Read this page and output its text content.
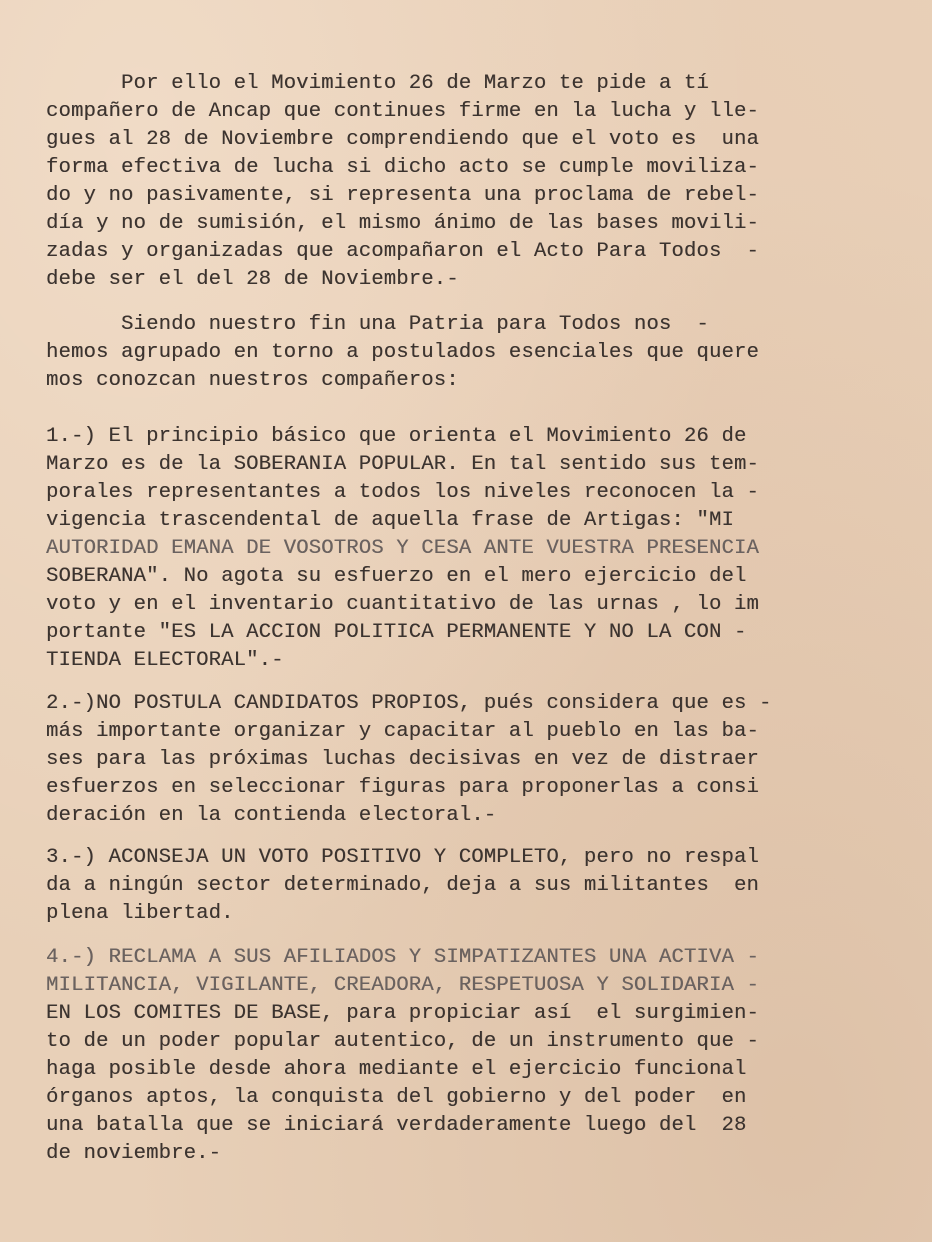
Por ello el Movimiento 26 de Marzo te pide a tí
compañero de Ancap que continues firme en la lucha y lle-
gues al 28 de Noviembre comprendiendo que el voto es  una
forma efectiva de lucha si dicho acto se cumple moviliza-
do y no pasivamente, si representa una proclama de rebel-
día y no de sumisión, el mismo ánimo de las bases movili-
zadas y organizadas que acompañaron el Acto Para Todos  -
debe ser el del 28 de Noviembre.-
Siendo nuestro fin una Patria para Todos nos  -
hemos agrupado en torno a postulados esenciales que quere
mos conozcan nuestros compañeros:
1.-) El principio básico que orienta el Movimiento 26 de
Marzo es de la SOBERANIA POPULAR. En tal sentido sus tem-
porales representantes a todos los niveles reconocen la -
vigencia trascendental de aquella frase de Artigas: "MI
AUTORIDAD EMANA DE VOSOTROS Y CESA ANTE VUESTRA PRESENCIA
SOBERANA". No agota su esfuerzo en el mero ejercicio del
voto y en el inventario cuantitativo de las urnas , lo im
portante "ES LA ACCION POLITICA PERMANENTE Y NO LA CON -
TIENDA ELECTORAL".-
2.-)NO POSTULA CANDIDATOS PROPIOS, pués considera que es -
más importante organizar y capacitar al pueblo en las ba-
ses para las próximas luchas decisivas en vez de distraer
esfuerzos en seleccionar figuras para proponerlas a consi
deración en la contienda electoral.-
3.-) ACONSEJA UN VOTO POSITIVO Y COMPLETO, pero no respal
da a ningún sector determinado, deja a sus militantes  en
plena libertad.
4.-) RECLAMA A SUS AFILIADOS Y SIMPATIZANTES UNA ACTIVA -
MILITANCIA, VIGILANTE, CREADORA, RESPETUOSA Y SOLIDARIA -
EN LOS COMITES DE BASE, para propiciar así  el surgimien-
to de un poder popular autentico, de un instrumento que -
haga posible desde ahora mediante el ejercicio funcional
órganos aptos, la conquista del gobierno y del poder  en
una batalla que se iniciará verdaderamente luego del  28
de noviembre.-
